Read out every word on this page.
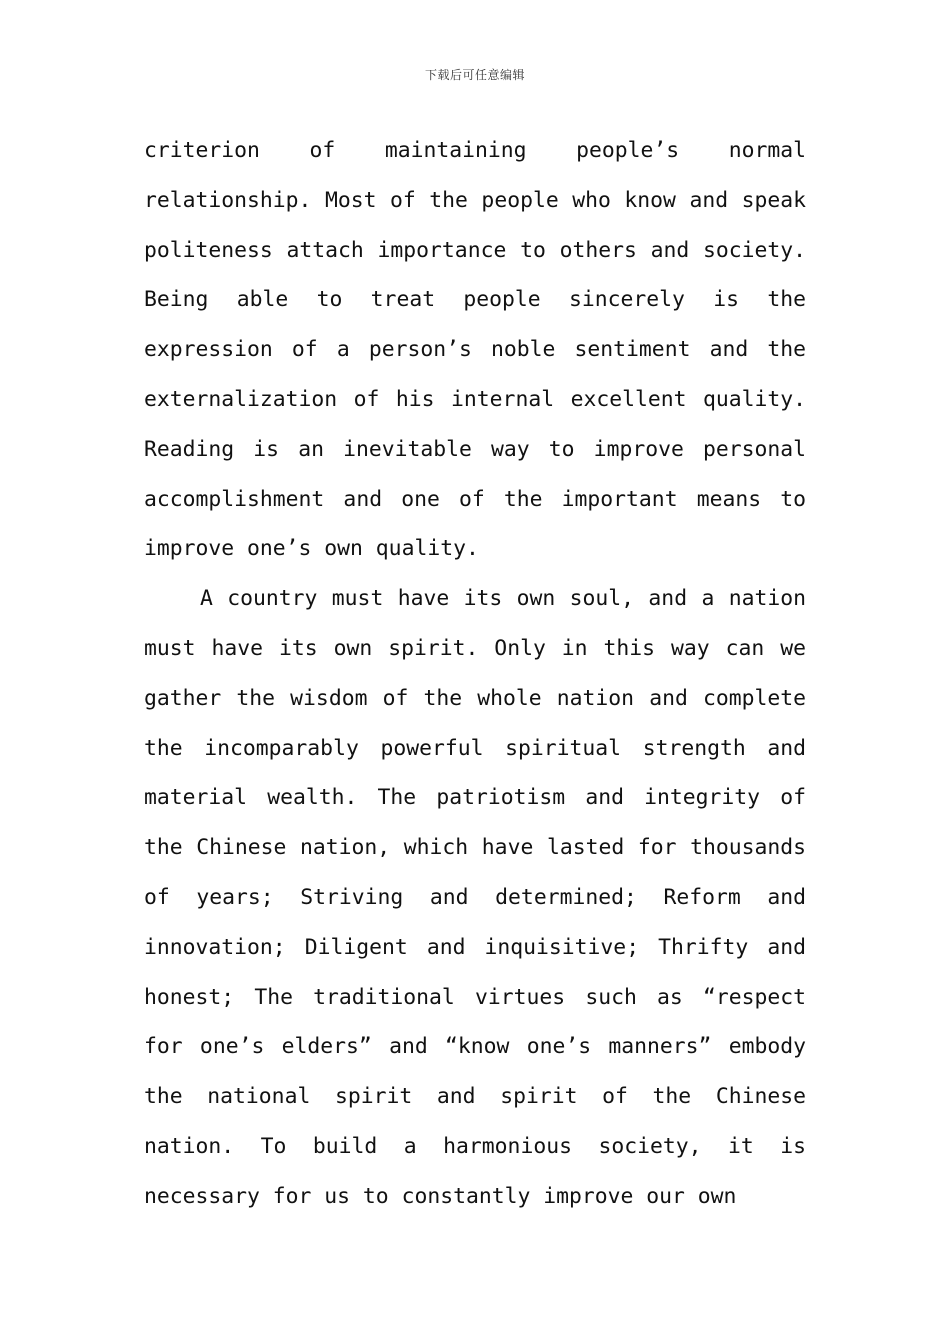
下载后可任意编辑

criterion of maintaining people’s normal relationship. Most of the people who know and speak politeness attach importance to others and society. Being able to treat people sincerely is the expression of a person’s noble sentiment and the externalization of his internal excellent quality. Reading is an inevitable way to improve personal accomplishment and one of the important means to improve one’s own quality.

A country must have its own soul, and a nation must have its own spirit. Only in this way can we gather the wisdom of the whole nation and complete the incomparably powerful spiritual strength and material wealth. The patriotism and integrity of the Chinese nation, which have lasted for thousands of years; Striving and determined; Reform and innovation; Diligent and inquisitive; Thrifty and honest; The traditional virtues such as “respect for one’s elders” and “know one’s manners” embody the national spirit and spirit of the Chinese nation. To build a harmonious society, it is necessary for us to constantly improve our own
